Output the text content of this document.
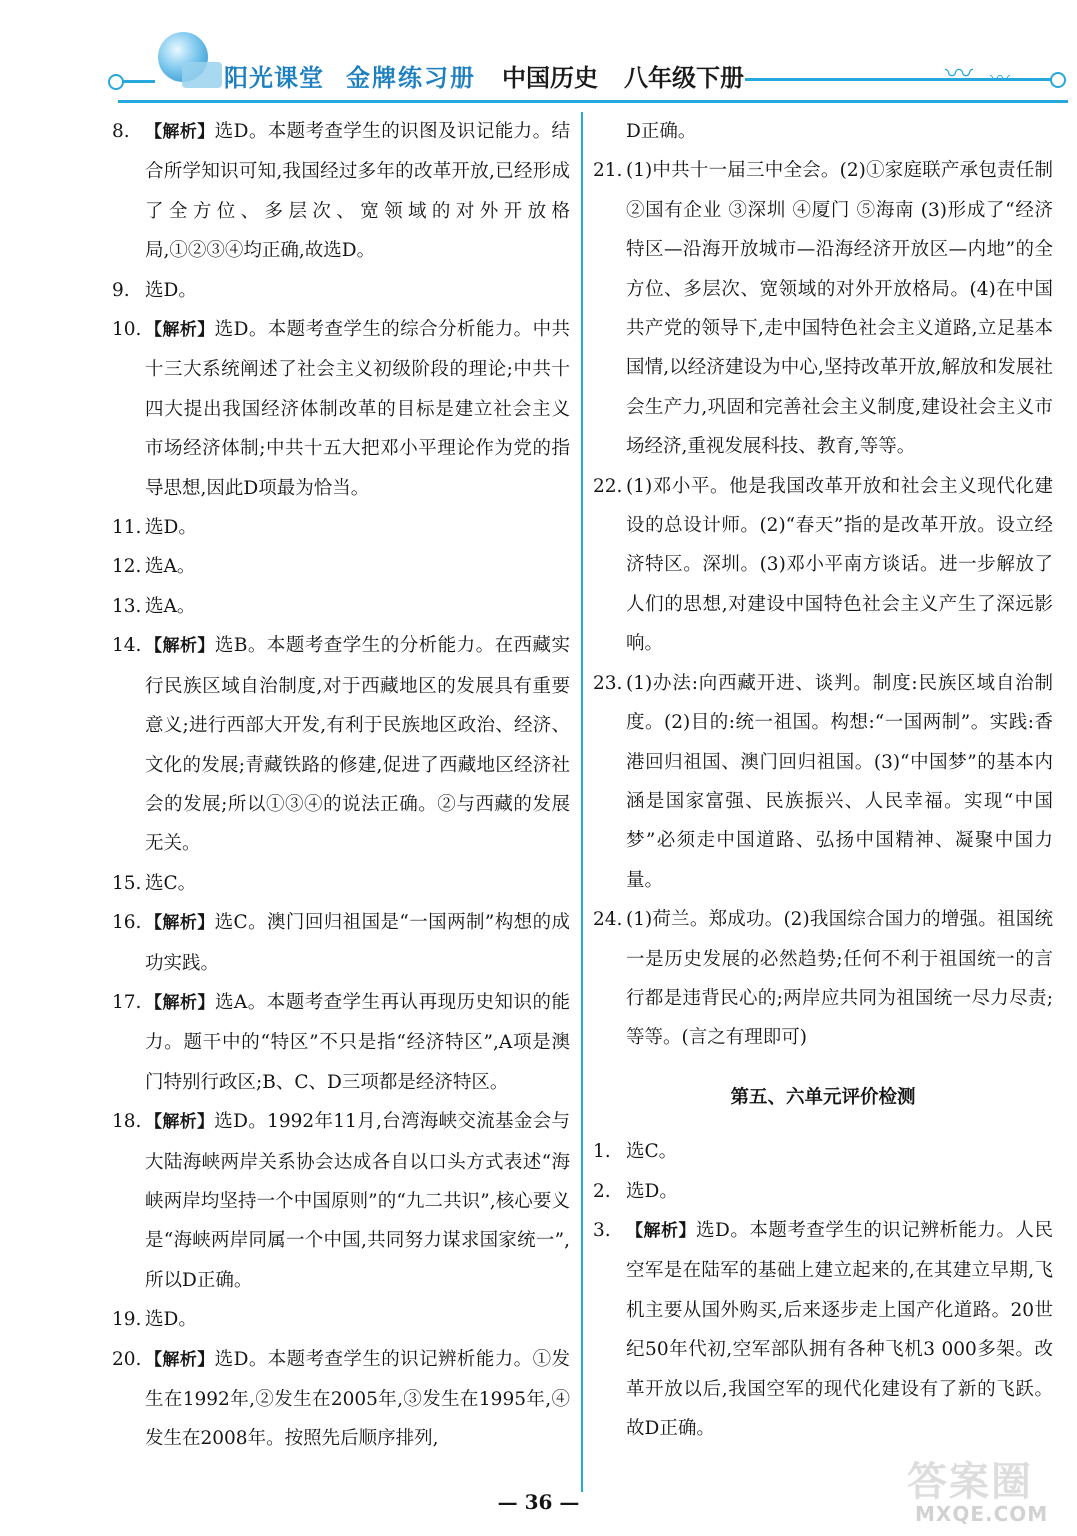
〰 〰
阳光课堂 金牌练习册 中国历史 八年级下册
8. 【解析】选D。本题考查学生的识图及识记能力。结合所学知识可知,我国经过多年的改革开放,已经形成了全方位、多层次、宽领域的对外开放格局,①②③④均正确,故选D。
9. 选D。
10. 【解析】选D。本题考查学生的综合分析能力。中共十三大系统阐述了社会主义初级阶段的理论;中共十四大提出我国经济体制改革的目标是建立社会主义市场经济体制;中共十五大把邓小平理论作为党的指导思想,因此D项最为恰当。
11. 选D。
12. 选A。
13. 选A。
14. 【解析】选B。本题考查学生的分析能力。在西藏实行民族区域自治制度,对于西藏地区的发展具有重要意义;进行西部大开发,有利于民族地区政治、经济、文化的发展;青藏铁路的修建,促进了西藏地区经济社会的发展;所以①③④的说法正确。②与西藏的发展无关。
15. 选C。
16. 【解析】选C。澳门回归祖国是“一国两制”构想的成功实践。
17. 【解析】选A。本题考查学生再认再现历史知识的能力。题干中的“特区”不只是指“经济特区”,A项是澳门特别行政区;B、C、D三项都是经济特区。
18. 【解析】选D。1992年11月,台湾海峡交流基金会与大陆海峡两岸关系协会达成各自以口头方式表述“海峡两岸均坚持一个中国原则”的“九二共识”,核心要义是“海峡两岸同属一个中国,共同努力谋求国家统一”,所以D正确。
19. 选D。
20. 【解析】选D。本题考查学生的识记辨析能力。①发生在1992年,②发生在2005年,③发生在1995年,④发生在2008年。按照先后顺序排列,
D正确。
21. (1)中共十一届三中全会。(2)①家庭联产承包责任制 ②国有企业 ③深圳 ④厦门 ⑤海南 (3)形成了“经济特区—沿海开放城市—沿海经济开放区—内地”的全方位、多层次、宽领域的对外开放格局。(4)在中国共产党的领导下,走中国特色社会主义道路,立足基本国情,以经济建设为中心,坚持改革开放,解放和发展社会生产力,巩固和完善社会主义制度,建设社会主义市场经济,重视发展科技、教育,等等。
22. (1)邓小平。他是我国改革开放和社会主义现代化建设的总设计师。(2)“春天”指的是改革开放。设立经济特区。深圳。(3)邓小平南方谈话。进一步解放了人们的思想,对建设中国特色社会主义产生了深远影响。
23. (1)办法:向西藏开进、谈判。制度:民族区域自治制度。(2)目的:统一祖国。构想:“一国两制”。实践:香港回归祖国、澳门回归祖国。(3)“中国梦”的基本内涵是国家富强、民族振兴、人民幸福。实现“中国梦”必须走中国道路、弘扬中国精神、凝聚中国力量。
24. (1)荷兰。郑成功。(2)我国综合国力的增强。祖国统一是历史发展的必然趋势;任何不利于祖国统一的言行都是违背民心的;两岸应共同为祖国统一尽力尽责;等等。(言之有理即可)
第五、六单元评价检测
1. 选C。
2. 选D。
3. 【解析】选D。本题考查学生的识记辨析能力。人民空军是在陆军的基础上建立起来的,在其建立早期,飞机主要从国外购买,后来逐步走上国产化道路。20世纪50年代初,空军部队拥有各种飞机3 000多架。改革开放以后,我国空军的现代化建设有了新的飞跃。故D正确。
— 36 —	答案圈
MXQE.COM
